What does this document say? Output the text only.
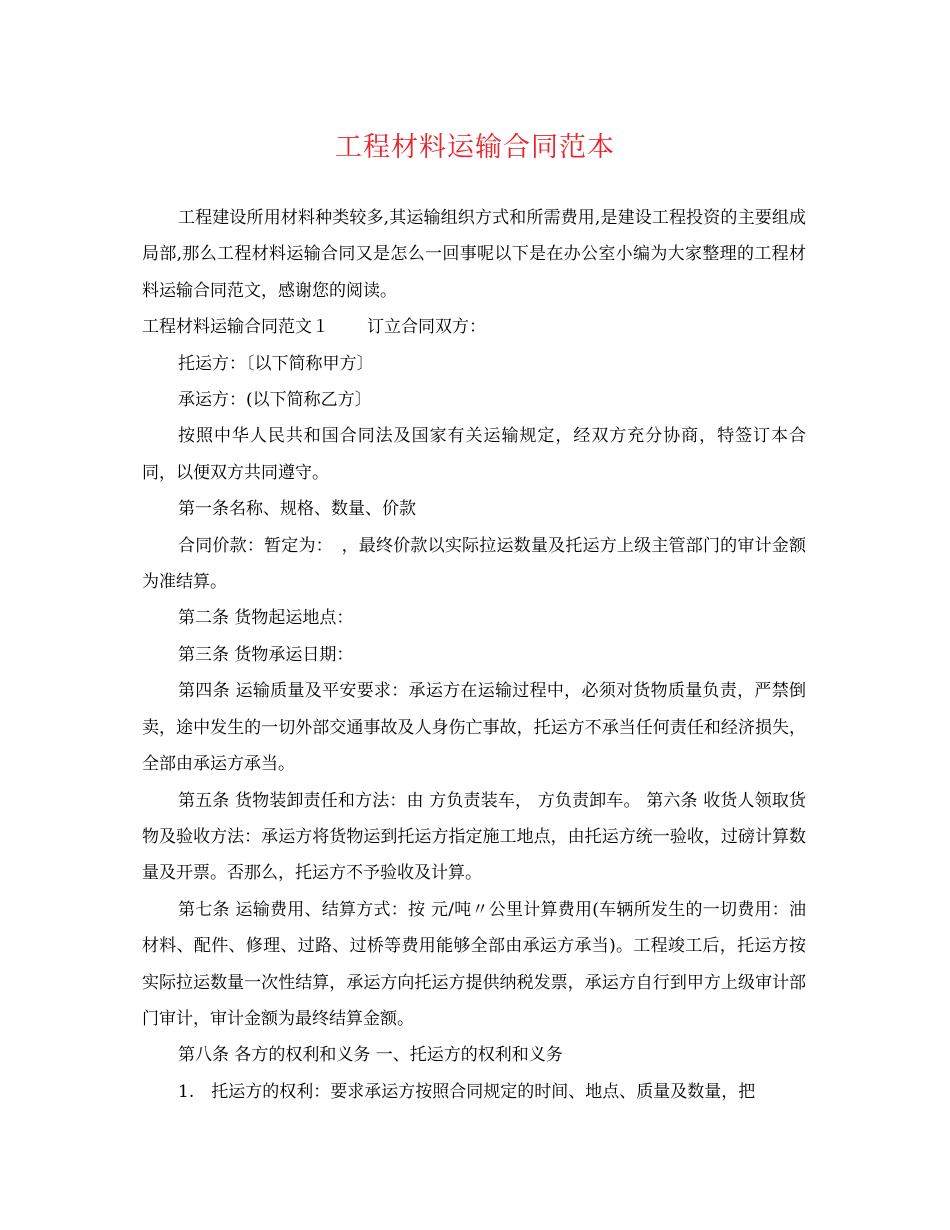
工程材料运输合同范本

工程建设所用材料种类较多,其运输组织方式和所需费用,是建设工程投资的主要组成局部,那么工程材料运输合同又是怎么一回事呢以下是在办公室小编为大家整理的工程材料运输合同范文，感谢您的阅读。

工程材料运输合同范文１ 订立合同双方：

托运方：〔以下简称甲方〕

承运方：(以下简称乙方〕

按照中华人民共和国合同法及国家有关运输规定，经双方充分协商，特签订本合同，以便双方共同遵守。

第一条名称、规格、数量、价款

合同价款：暂定为：　，最终价款以实际拉运数量及托运方上级主管部门的审计金额为准结算。

第二条 货物起运地点：

第三条 货物承运日期：

第四条 运输质量及平安要求：承运方在运输过程中，必须对货物质量负责，严禁倒卖，途中发生的一切外部交通事故及人身伤亡事故，托运方不承当任何责任和经济损失，全部由承运方承当。

第五条 货物装卸责任和方法：由 方负责装车， 方负责卸车。 第六条 收货人领取货物及验收方法：承运方将货物运到托运方指定施工地点，由托运方统一验收，过磅计算数量及开票。否那么，托运方不予验收及计算。

第七条 运输费用、结算方式：按 元/吨〃公里计算费用(车辆所发生的一切费用：油材料、配件、修理、过路、过桥等费用能够全部由承运方承当)。工程竣工后，托运方按实际拉运数量一次性结算，承运方向托运方提供纳税发票，承运方自行到甲方上级审计部门审计，审计金额为最终结算金额。

第八条 各方的权利和义务 一、托运方的权利和义务

1.　托运方的权利：要求承运方按照合同规定的时间、地点、质量及数量，把
